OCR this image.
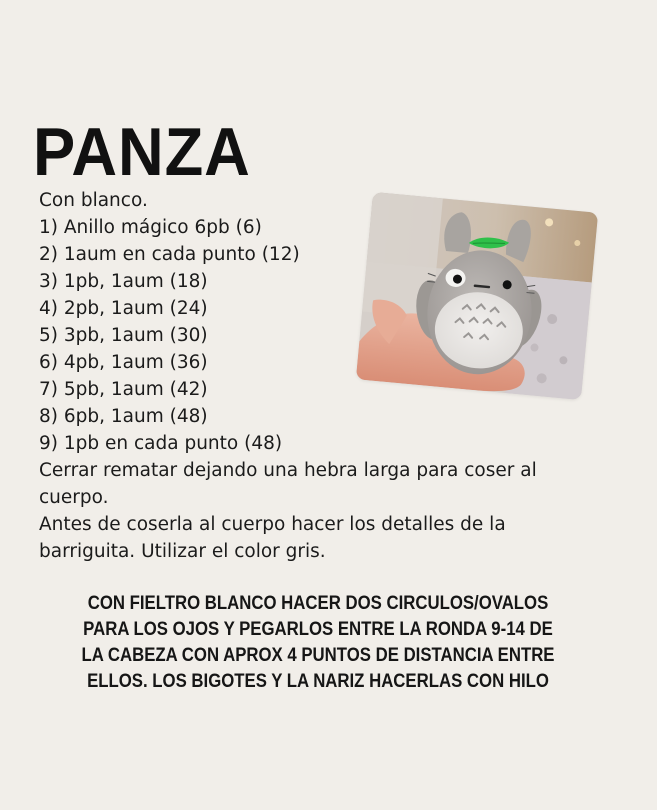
PANZA
Con blanco.
1) Anillo mágico 6pb (6)
2) 1aum en cada punto (12)
3) 1pb, 1aum (18)
4) 2pb, 1aum (24)
5) 3pb, 1aum (30)
6) 4pb, 1aum (36)
7) 5pb, 1aum (42)
8) 6pb, 1aum (48)
9) 1pb en cada punto (48)
Cerrar rematar dejando una hebra larga para coser al
cuerpo.
Antes de coserla al cuerpo hacer los detalles de la
barriguita. Utilizar el color gris.
CON FIELTRO BLANCO HACER DOS CIRCULOS/OVALOS
PARA LOS OJOS Y PEGARLOS ENTRE LA RONDA 9-14 DE
LA CABEZA CON APROX 4 PUNTOS DE DISTANCIA ENTRE
ELLOS. LOS BIGOTES Y LA NARIZ HACERLAS CON HILO
